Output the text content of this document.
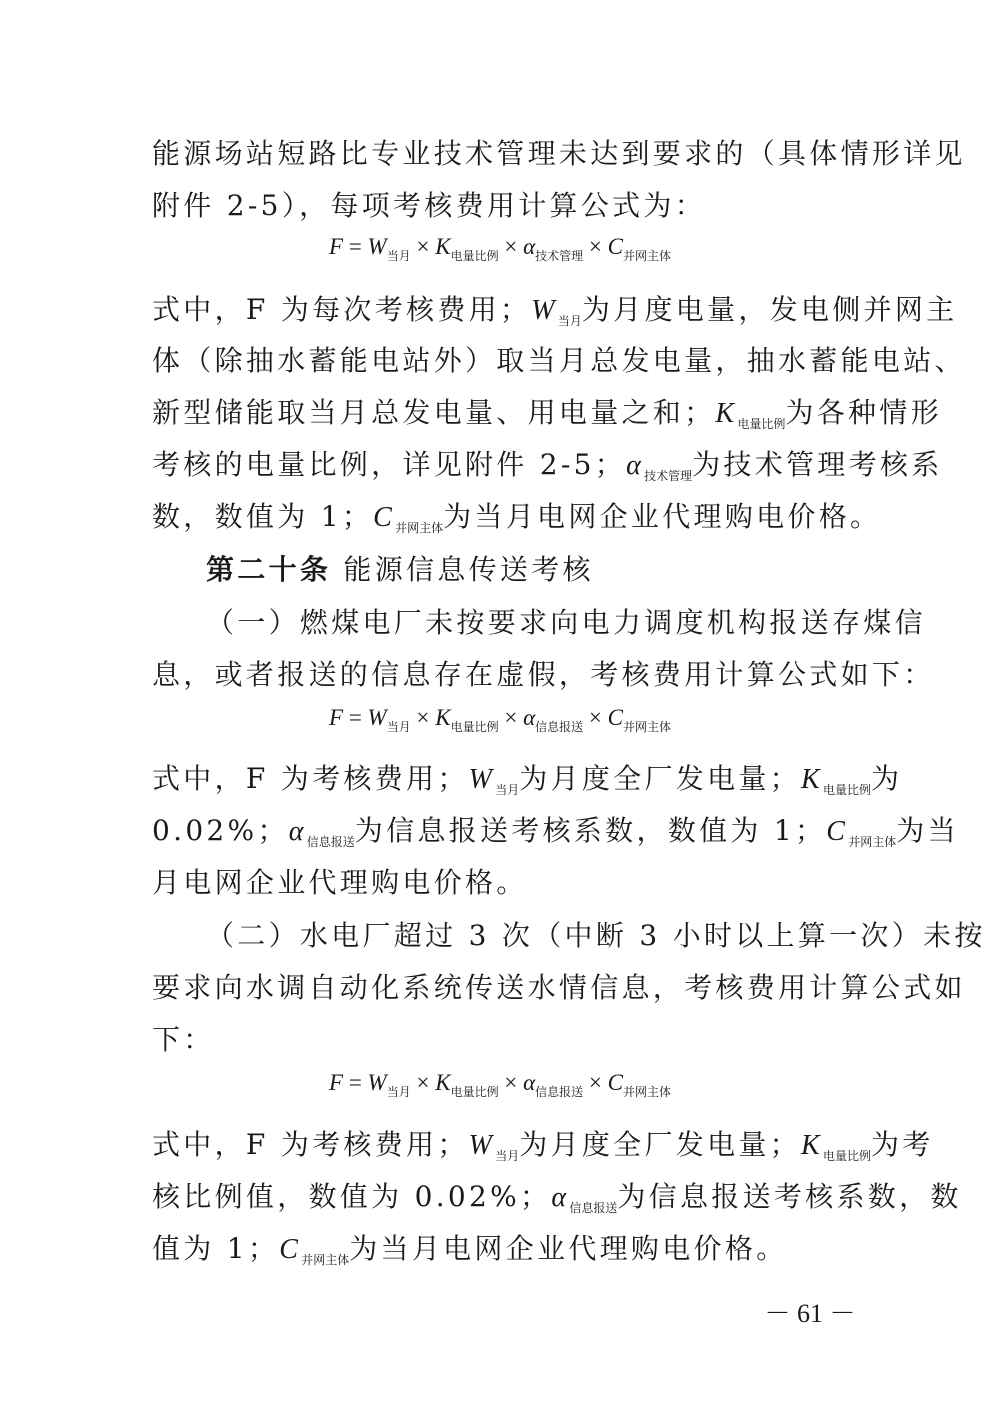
能源场站短路比专业技术管理未达到要求的（具体情形详见
附件 2-5），每项考核费用计算公式为：
$F = W_{当月} \times K_{电量比例} \times \alpha_{技术管理} \times C_{并网主体}$
式中，F 为每次考核费用；$W_{当月}$为月度电量，发电侧并网主
体（除抽水蓄能电站外）取当月总发电量，抽水蓄能电站、
新型储能取当月总发电量、用电量之和；$K_{电量比例}$为各种情形
考核的电量比例，详见附件 2-5；$\alpha_{技术管理}$为技术管理考核系
数，数值为 1；$C_{并网主体}$为当月电网企业代理购电价格。
第二十条 能源信息传送考核
（一）燃煤电厂未按要求向电力调度机构报送存煤信
息，或者报送的信息存在虚假，考核费用计算公式如下：
$F = W_{当月} \times K_{电量比例} \times \alpha_{信息报送} \times C_{并网主体}$
式中，F 为考核费用；$W_{当月}$为月度全厂发电量；$K_{电量比例}$为
0.02%；$\alpha_{信息报送}$为信息报送考核系数，数值为 1；$C_{并网主体}$为当
月电网企业代理购电价格。
（二）水电厂超过 3 次（中断 3 小时以上算一次）未按
要求向水调自动化系统传送水情信息，考核费用计算公式如
下：
$F = W_{当月} \times K_{电量比例} \times \alpha_{信息报送} \times C_{并网主体}$
式中，F 为考核费用；$W_{当月}$为月度全厂发电量；$K_{电量比例}$为考
核比例值，数值为 0.02%；$\alpha_{信息报送}$为信息报送考核系数，数
值为 1；$C_{并网主体}$为当月电网企业代理购电价格。
－ 61 －
